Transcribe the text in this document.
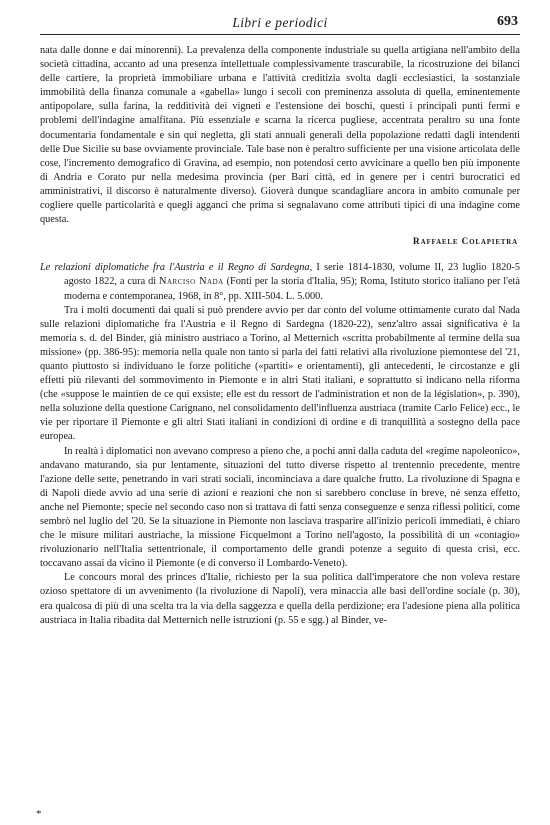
Libri e periodici	693

nata dalle donne e dai minorenni). La prevalenza della componente industriale su quella artigiana nell'ambito della società cittadina, accanto ad una presenza intellettuale complessivamente trascurabile, la ricostruzione dei bilanci delle cartiere, la proprietà immobiliare urbana e l'attività creditizia svolta dagli ecclesiastici, la sostanziale immobilità della finanza comunale a «gabella» lungo i secoli con preminenza assoluta di quella, eminentemente antipopolare, sulla farina, la redditività dei vigneti e l'estensione dei boschi, questi i principali punti fermi e problemi dell'indagine amalfitana. Più essenziale e scarna la ricerca pugliese, accentrata peraltro su una fonte documentaria fondamentale e sin qui negletta, gli stati annuali generali della popolazione redatti dagli intendenti delle Due Sicilie su base ovviamente provinciale. Tale base non è peraltro sufficiente per una visione articolata delle cose, l'incremento demografico di Gravina, ad esempio, non potendosi certo avvicinare a quello ben più imponente di Andria e Corato pur nella medesima provincia (per Bari città, ed in genere per i centri burocratici ed amministrativi, il discorso è naturalmente diverso). Gioverà dunque scandagliare ancora in ambito comunale per cogliere quelle particolarità e quegli agganci che prima si segnalavano come attributi tipici di una indagine come questa.

Raffaele Colapietra

Le relazioni diplomatiche fra l'Austria e il Regno di Sardegna, I serie 1814-1830, volume II, 23 luglio 1820-5 agosto 1822, a cura di Narciso Nada (Fonti per la storia d'Italia, 95); Roma, Istituto storico italiano per l'età moderna e contemporanea, 1968, in 8°, pp. XIII-504. L. 5.000.

Tra i molti documenti dai quali si può prendere avvio per dar conto del volume ottimamente curato dal Nada sulle relazioni diplomatiche fra l'Austria e il Regno di Sardegna (1820-22), senz'altro assai significativa è la memoria s. d. del Binder, già ministro austriaco a Torino, al Metternich «scritta probabilmente al termine della sua missione» (pp. 386-95): memoria nella quale non tanto si parla dei fatti relativi alla rivoluzione piemontese del '21, quanto piuttosto si individuano le forze politiche («partiti» e orientamenti), gli antecedenti, le circostanze e gli effetti più rilevanti del sommovimento in Piemonte e in altri Stati italiani, e soprattutto si indicano nella riforma (che «suppose le maintien de ce qui exsiste; elle est du ressort de l'administration et non de la législation», p. 390), nella soluzione della questione Carignano, nel consolidamento dell'influenza austriaca (tramite Carlo Felice) ecc., le vie per riportare il Piemonte e gli altri Stati italiani in condizioni di ordine e di tranquillità a sostegno della pace europea.

In realtà i diplomatici non avevano compreso a pieno che, a pochi anni dalla caduta del «regime napoleonico», andavano maturando, sia pur lentamente, situazioni del tutto diverse rispetto al trentennio precedente, mentre l'azione delle sette, penetrando in vari strati sociali, incominciava a dare qualche frutto. La rivoluzione di Spagna e di Napoli diede avvio ad una serie di azioni e reazioni che non si sarebbero concluse in breve, né senza effetto, anche nel Piemonte; specie nel secondo caso non si trattava di fatti senza conseguenze e senza riflessi politici, come sembrò nel luglio del '20. Se la situazione in Piemonte non lasciava trasparire all'inizio pericoli immediati, è chiaro che le misure militari austriache, la missione Ficquelmont a Torino nell'agosto, la possibilità di un «contagio» rivoluzionario nell'Italia settentrionale, il comportamento delle grandi potenze a seguito di questa crisi, ecc. toccavano assai da vicino il Piemonte (e di converso il Lombardo-Veneto).

Le concours moral des princes d'Italie, richiesto per la sua politica dall'imperatore che non voleva restare ozioso spettatore di un avvenimento (la rivoluzione di Napoli), vera minaccia alle basi dell'ordine sociale (p. 30), era qualcosa di più di una scelta tra la via della saggezza e quella della perdizione; era l'adesione piena alla politica austriaca in Italia ribadita dal Metternich nelle istruzioni (p. 55 e sgg.) al Binder, ve-

*
